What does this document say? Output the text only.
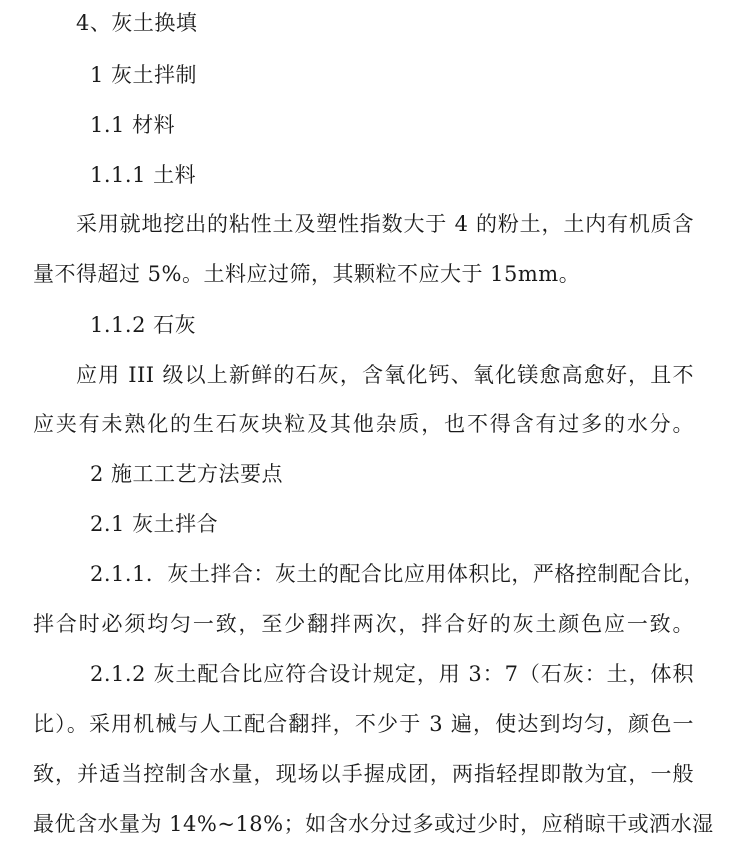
4、灰土换填
1 灰土拌制
1.1 材料
1.1.1 土料
采用就地挖出的粘性土及塑性指数大于 4 的粉土，土内有机质含
量不得超过 5%。土料应过筛，其颗粒不应大于 15mm。
1.1.2 石灰
应用 III 级以上新鲜的石灰，含氧化钙、氧化镁愈高愈好，且不
应夹有未熟化的生石灰块粒及其他杂质，也不得含有过多的水分。
2 施工工艺方法要点
2.1 灰土拌合
2.1.1．灰土拌合：灰土的配合比应用体积比，严格控制配合比，
拌合时必须均匀一致，至少翻拌两次，拌合好的灰土颜色应一致。
2.1.2 灰土配合比应符合设计规定，用 3：7（石灰：土，体积
比）。采用机械与人工配合翻拌，不少于 3 遍，使达到均匀，颜色一
致，并适当控制含水量，现场以手握成团，两指轻捏即散为宜，一般
最优含水量为 14%~18%；如含水分过多或过少时，应稍晾干或洒水湿
